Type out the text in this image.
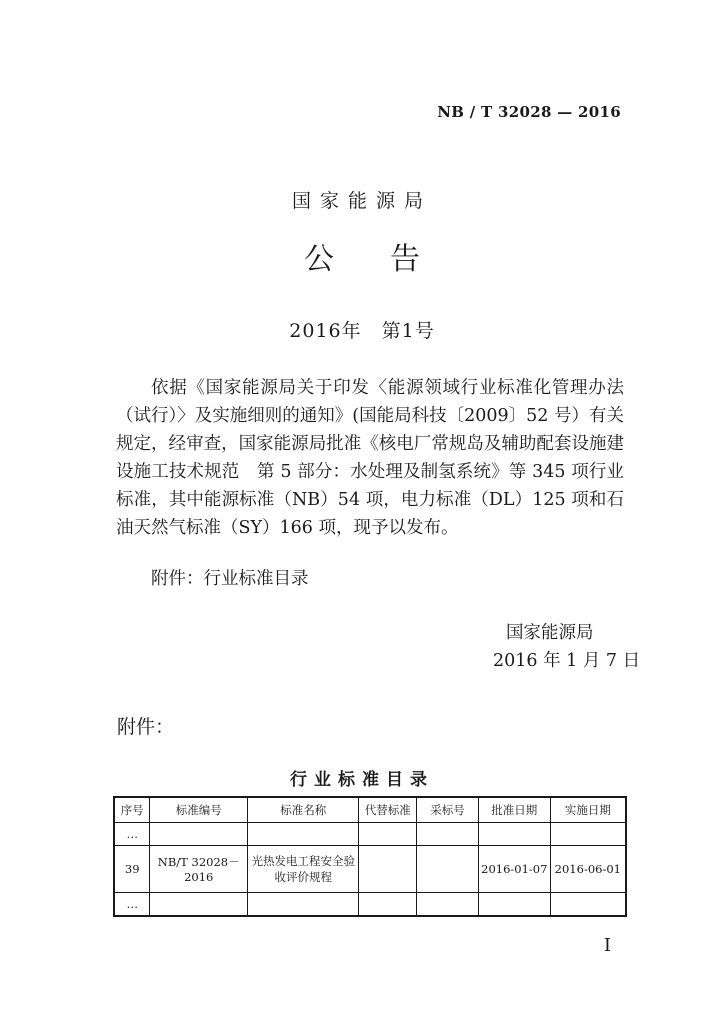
NB / T 32028 — 2016
国家能源局
公告
2016年　第1号
依据《国家能源局关于印发〈能源领域行业标准化管理办法（试行）〉及实施细则的通知》(国能局科技〔2009〕52 号）有关规定，经审查，国家能源局批准《核电厂常规岛及辅助配套设施建设施工技术规范　第 5 部分：水处理及制氢系统》等 345 项行业标准，其中能源标准（NB）54 项，电力标准（DL）125 项和石油天然气标准（SY）166 项，现予以发布。
附件：行业标准目录
国家能源局
2016 年 1 月 7 日
附件：
行业标准目录
序号	标准编号	标准名称	代替标准	采标号	批准日期	实施日期
…						
39	NB/T 32028－2016	光热发电工程安全验收评价规程			2016-01-07	2016-06-01
…						
I
